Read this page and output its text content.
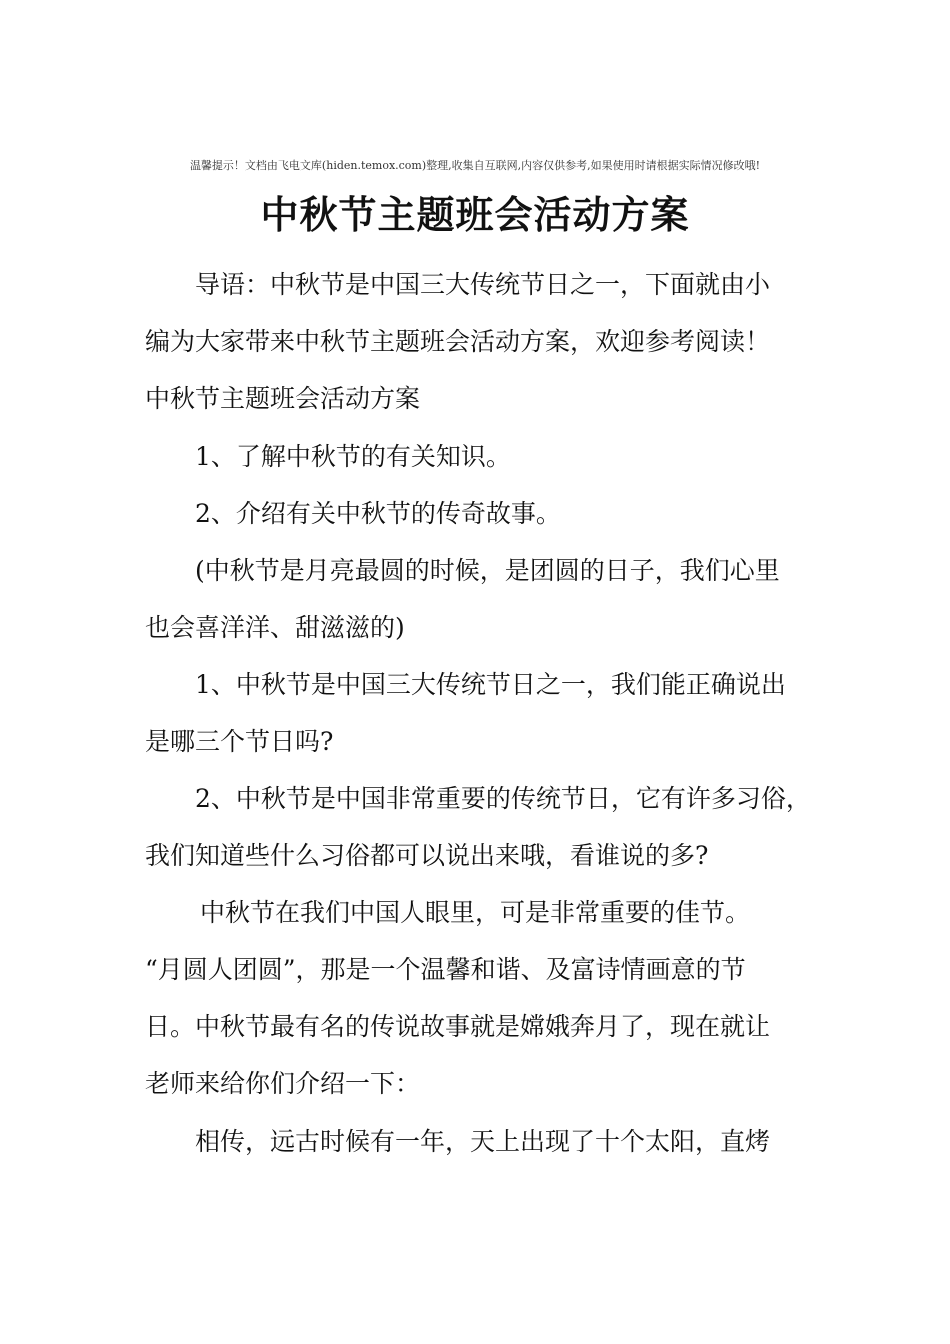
温馨提示！文档由飞电文库(hiden.temox.com)整理,收集自互联网,内容仅供参考,如果使用时请根据实际情况修改哦!
中秋节主题班会活动方案
导语：中秋节是中国三大传统节日之一，下面就由小
编为大家带来中秋节主题班会活动方案，欢迎参考阅读！
中秋节主题班会活动方案
1、了解中秋节的有关知识。
2、介绍有关中秋节的传奇故事。
(中秋节是月亮最圆的时候，是团圆的日子，我们心里
也会喜洋洋、甜滋滋的)
1、中秋节是中国三大传统节日之一，我们能正确说出
是哪三个节日吗?
2、中秋节是中国非常重要的传统节日，它有许多习俗，
我们知道些什么习俗都可以说出来哦，看谁说的多?
中秋节在我们中国人眼里，可是非常重要的佳节。
“月圆人团圆”，那是一个温馨和谐、及富诗情画意的节
日。中秋节最有名的传说故事就是嫦娥奔月了，现在就让
老师来给你们介绍一下：
相传，远古时候有一年，天上出现了十个太阳，直烤
